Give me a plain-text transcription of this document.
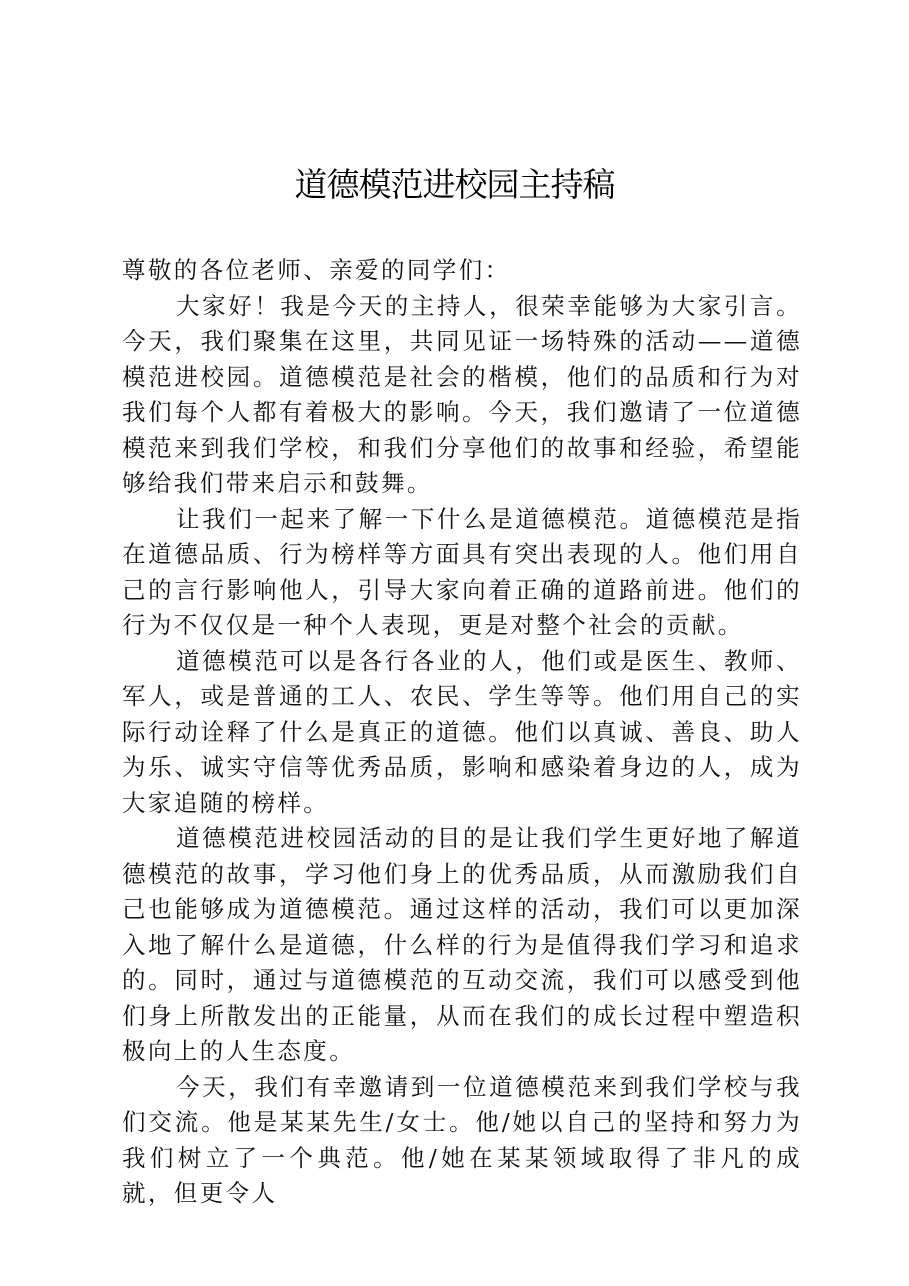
道德模范进校园主持稿

尊敬的各位老师、亲爱的同学们：

大家好！我是今天的主持人，很荣幸能够为大家引言。今天，我们聚集在这里，共同见证一场特殊的活动——道德模范进校园。道德模范是社会的楷模，他们的品质和行为对我们每个人都有着极大的影响。今天，我们邀请了一位道德模范来到我们学校，和我们分享他们的故事和经验，希望能够给我们带来启示和鼓舞。

让我们一起来了解一下什么是道德模范。道德模范是指在道德品质、行为榜样等方面具有突出表现的人。他们用自己的言行影响他人，引导大家向着正确的道路前进。他们的行为不仅仅是一种个人表现，更是对整个社会的贡献。

道德模范可以是各行各业的人，他们或是医生、教师、军人，或是普通的工人、农民、学生等等。他们用自己的实际行动诠释了什么是真正的道德。他们以真诚、善良、助人为乐、诚实守信等优秀品质，影响和感染着身边的人，成为大家追随的榜样。

道德模范进校园活动的目的是让我们学生更好地了解道德模范的故事，学习他们身上的优秀品质，从而激励我们自己也能够成为道德模范。通过这样的活动，我们可以更加深入地了解什么是道德，什么样的行为是值得我们学习和追求的。同时，通过与道德模范的互动交流，我们可以感受到他们身上所散发出的正能量，从而在我们的成长过程中塑造积极向上的人生态度。

今天，我们有幸邀请到一位道德模范来到我们学校与我们交流。他是某某先生/女士。他/她以自己的坚持和努力为我们树立了一个典范。他/她在某某领域取得了非凡的成就，但更令人
